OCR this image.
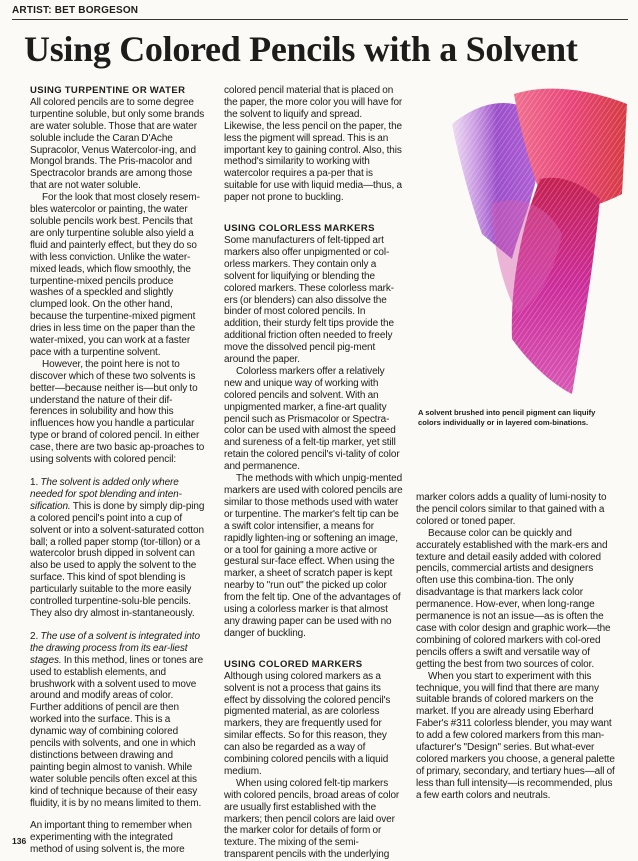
ARTIST: BET BORGESON

Using Colored Pencils with a Solvent
USING TURPENTINE OR WATER

All colored pencils are to some degree turpentine soluble, but only some brands are water soluble. Those that are water soluble include the Caran D'Ache Supracolor, Venus Watercolor-ing, and Mongol brands. The Pris-macolor and Spectracolor brands are among those that are not water soluble.

For the look that most closely resem-bles watercolor or painting, the water soluble pencils work best. Pencils that are only turpentine soluble also yield a fluid and painterly effect, but they do so with less conviction. Unlike the water-mixed leads, which flow smoothly, the turpentine-mixed pencils produce washes of a speckled and slightly clumped look. On the other hand, because the turpentine-mixed pigment dries in less time on the paper than the water-mixed, you can work at a faster pace with a turpentine solvent.

However, the point here is not to discover which of these two solvents is better—because neither is—but only to understand the nature of their dif-ferences in solubility and how this influences how you handle a particular type or brand of colored pencil. In either case, there are two basic ap-proaches to using solvents with colored pencil:

1. The solvent is added only where needed for spot blending and inten-sification. This is done by simply dip-ping a colored pencil's point into a cup of solvent or into a solvent-saturated cotton ball; a rolled paper stomp (tor-tillon) or a watercolor brush dipped in solvent can also be used to apply the solvent to the surface. This kind of spot blending is particularly suitable to the more easily controlled turpentine-solu-ble pencils. They also dry almost in-stantaneously.

2. The use of a solvent is integrated into the drawing process from its ear-liest stages. In this method, lines or tones are used to establish elements, and brushwork with a solvent used to move around and modify areas of color. Further additions of pencil are then worked into the surface. This is a dynamic way of combining colored pencils with solvents, and one in which distinctions between drawing and painting begin almost to vanish. While water soluble pencils often excel at this kind of technique because of their easy fluidity, it is by no means limited to them.

An important thing to remember when experimenting with the integrated method of using solvent is, the more

colored pencil material that is placed on the paper, the more color you will have for the solvent to liquify and spread. Likewise, the less pencil on the paper, the less the pigment will spread. This is an important key to gaining control. Also, this method's similarity to working with watercolor requires a pa-per that is suitable for use with liquid media—thus, a paper not prone to buckling.

USING COLORLESS MARKERS

Some manufacturers of felt-tipped art markers also offer unpigmented or col-orless markers. They contain only a solvent for liquifying or blending the colored markers. These colorless mark-ers (or blenders) can also dissolve the binder of most colored pencils. In addition, their sturdy felt tips provide the additional friction often needed to freely move the dissolved pencil pig-ment around the paper.

Colorless markers offer a relatively new and unique way of working with colored pencils and solvent. With an unpigmented marker, a fine-art quality pencil such as Prismacolor or Spectra-color can be used with almost the speed and sureness of a felt-tip marker, yet still retain the colored pencil's vi-tality of color and permanence.

The methods with which unpig-mented markers are used with colored pencils are similar to those methods used with water or turpentine. The marker's felt tip can be a swift color intensifier, a means for rapidly lighten-ing or softening an image, or a tool for gaining a more active or gestural sur-face effect. When using the marker, a sheet of scratch paper is kept nearby to "run out" the picked up color from the felt tip. One of the advantages of using a colorless marker is that almost any drawing paper can be used with no danger of buckling.

USING COLORED MARKERS

Although using colored markers as a solvent is not a process that gains its effect by dissolving the colored pencil's pigmented material, as are colorless markers, they are frequently used for similar effects. So for this reason, they can also be regarded as a way of combining colored pencils with a liquid medium.

When using colored felt-tip markers with colored pencils, broad areas of color are usually first established with the markers; then pencil colors are laid over the marker color for details of form or texture. The mixing of the semi-transparent pencils with the underlying

A solvent brushed into pencil pigment can liquify colors individually or in layered com-binations.

marker colors adds a quality of lumi-nosity to the pencil colors similar to that gained with a colored or toned paper.

Because color can be quickly and accurately established with the mark-ers and texture and detail easily added with colored pencils, commercial artists and designers often use this combina-tion. The only disadvantage is that markers lack color permanence. How-ever, when long-range permanence is not an issue—as is often the case with color design and graphic work—the combining of colored markers with col-ored pencils offers a swift and versatile way of getting the best from two sources of color.

When you start to experiment with this technique, you will find that there are many suitable brands of colored markers on the market. If you are already using Eberhard Faber's #311 colorless blender, you may want to add a few colored markers from this man-ufacturer's "Design" series. But what-ever colored markers you choose, a general palette of primary, secondary, and tertiary hues—all of less than full intensity—is recommended, plus a few earth colors and neutrals.

136
